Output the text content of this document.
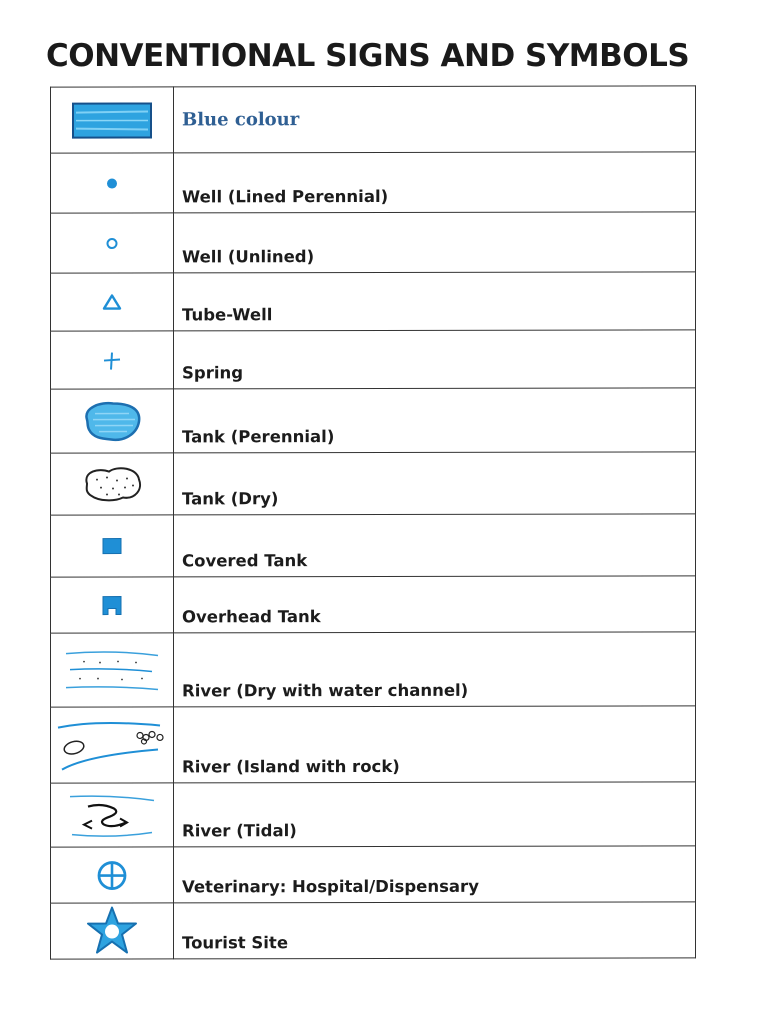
CONVENTIONAL SIGNS AND SYMBOLS
	Blue colour

	Well (Lined Perennial)

	Well (Unlined)

	Tube-Well

	Spring

	Tank (Perennial)

	Tank (Dry)

	Covered Tank

	Overhead Tank

	River (Dry with water channel)

	River (Island with rock)

	River (Tidal)

	Veterinary: Hospital/Dispensary

	Tourist Site
